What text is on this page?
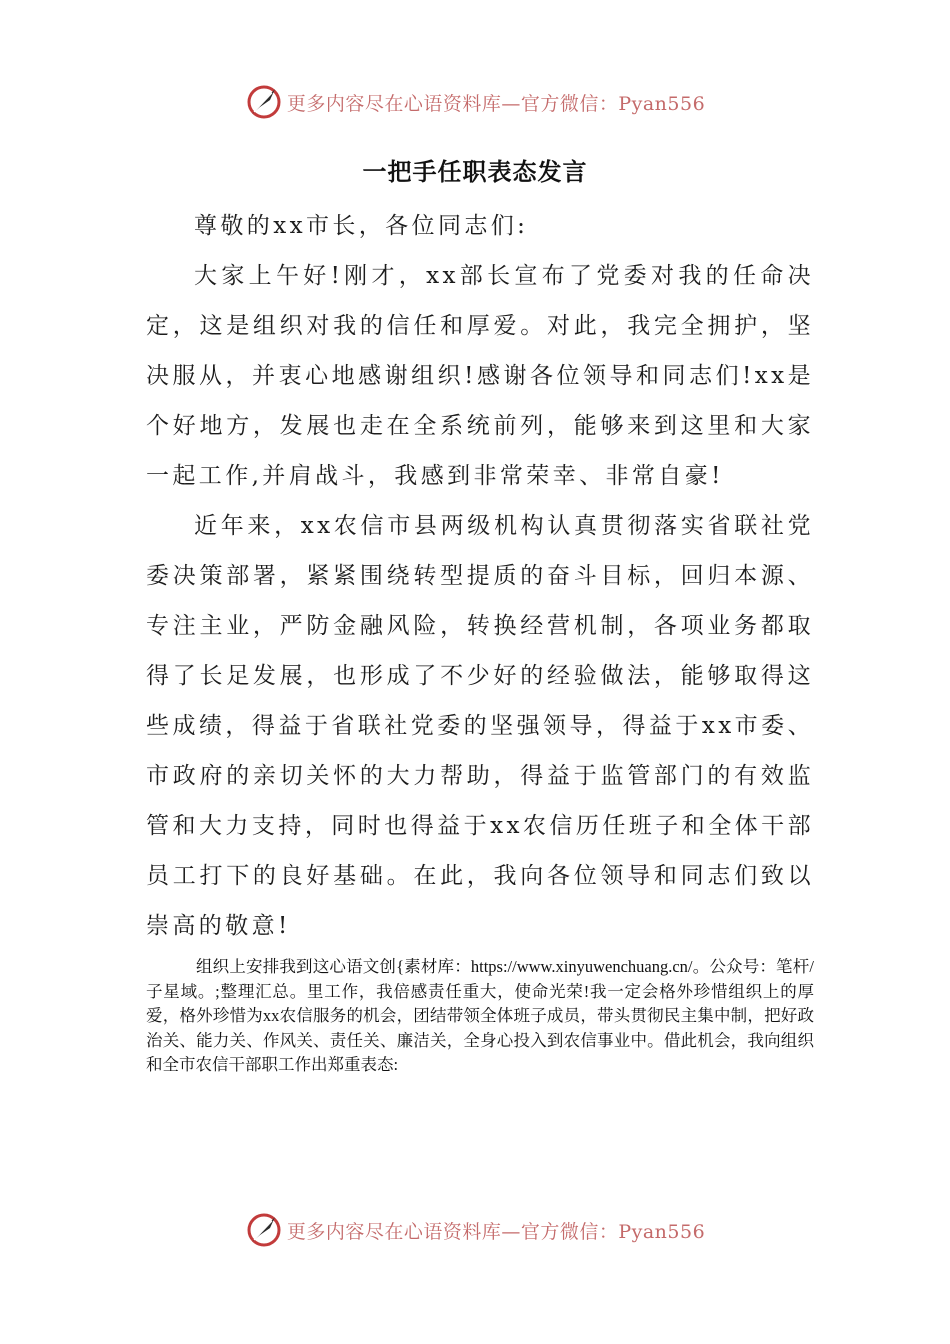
更多内容尽在心语资料库—官方微信：Pyan556
一把手任职表态发言

尊敬的xx市长，各位同志们:

大家上午好!刚才，xx部长宣布了党委对我的任命决定，这是组织对我的信任和厚爱。对此，我完全拥护，坚决服从，并衷心地感谢组织!感谢各位领导和同志们!xx是个好地方，发展也走在全系统前列，能够来到这里和大家一起工作,并肩战斗，我感到非常荣幸、非常自豪!

近年来，xx农信市县两级机构认真贯彻落实省联社党委决策部署，紧紧围绕转型提质的奋斗目标，回归本源、专注主业，严防金融风险，转换经营机制，各项业务都取得了长足发展，也形成了不少好的经验做法，能够取得这些成绩，得益于省联社党委的坚强领导，得益于xx市委、市政府的亲切关怀的大力帮助，得益于监管部门的有效监管和大力支持，同时也得益于xx农信历任班子和全体干部员工打下的良好基础。在此，我向各位领导和同志们致以崇高的敬意!

组织上安排我到这心语文创{素材库：https://www.xinyuwenchuang.cn/。公众号：笔杆/子星域。;整理汇总。里工作，我倍感责任重大，使命光荣!我一定会格外珍惜组织上的厚爱，格外珍惜为xx农信服务的机会，团结带领全体班子成员，带头贯彻民主集中制，把好政治关、能力关、作风关、责任关、廉洁关，全身心投入到农信事业中。借此机会，我向组织和全市农信干部职工作出郑重表态:

更多内容尽在心语资料库—官方微信：Pyan556
